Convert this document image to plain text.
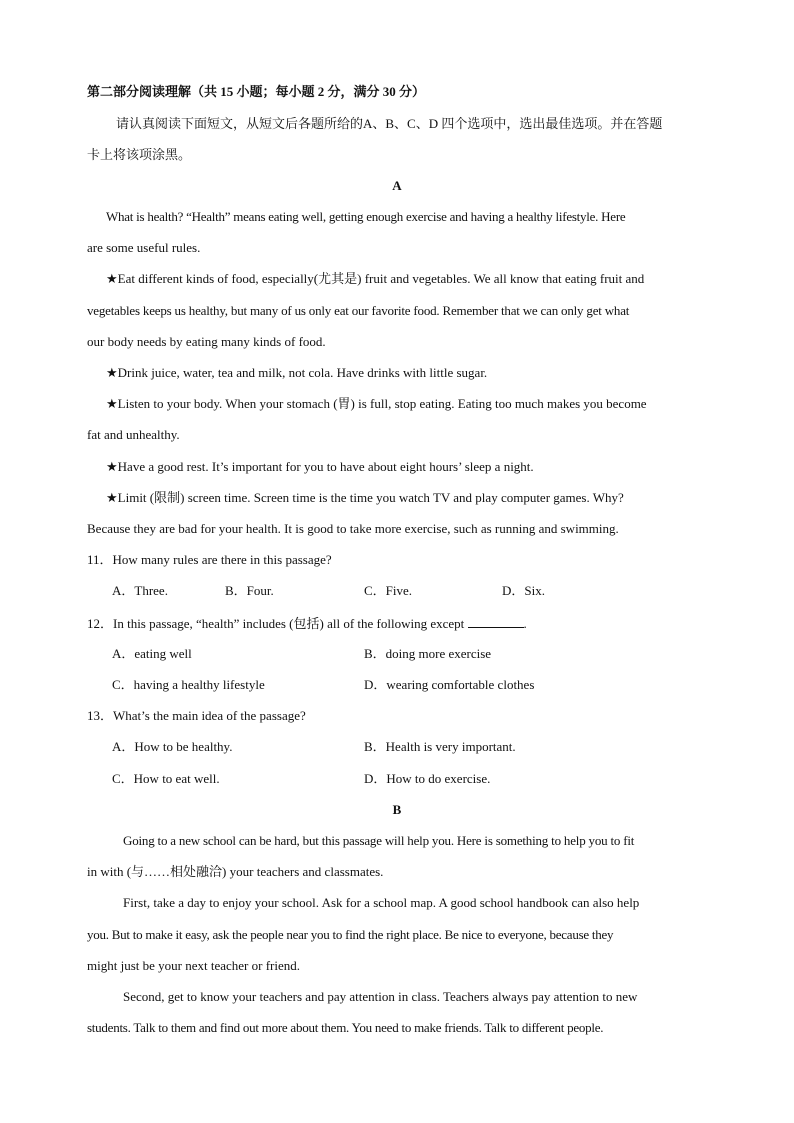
第二部分阅读理解（共 15 小题；每小题 2 分，满分 30 分）
请认真阅读下面短文，从短文后各题所给的A、B、C、D 四个选项中，选出最佳选项。并在答题
卡上将该项涂黑。
A
What is health? “Health” means eating well, getting enough exercise and having a healthy lifestyle. Here
are some useful rules.
★Eat different kinds of food, especially(尤其是) fruit and vegetables. We all know that eating fruit and
vegetables keeps us healthy, but many of us only eat our favorite food. Remember that we can only get what
our body needs by eating many kinds of food.
★Drink juice, water, tea and milk, not cola. Have drinks with little sugar.
★Listen to your body. When your stomach (胃) is full, stop eating. Eating too much makes you become
fat and unhealthy.
★Have a good rest. It’s important for you to have about eight hours’ sleep a night.
★Limit (限制) screen time. Screen time is the time you watch TV and play computer games. Why?
Because they are bad for your health. It is good to take more exercise, such as running and swimming.
11．How many rules are there in this passage?
A．Three.	B．Four.	C．Five.	D．Six.
12．In this passage, “health” includes (包括) all of the following except	.
A．eating well	B．doing more exercise
C．having a healthy lifestyle	D．wearing comfortable clothes
13．What’s the main idea of the passage?
A．How to be healthy.	B．Health is very important.
C．How to eat well.	D．How to do exercise.
B
Going to a new school can be hard, but this passage will help you. Here is something to help you to fit
in with (与……相处融洽) your teachers and classmates.
First, take a day to enjoy your school. Ask for a school map. A good school handbook can also help
you. But to make it easy, ask the people near you to find the right place. Be nice to everyone, because they
might just be your next teacher or friend.
Second, get to know your teachers and pay attention in class. Teachers always pay attention to new
students. Talk to them and find out more about them. You need to make friends. Talk to different people.
